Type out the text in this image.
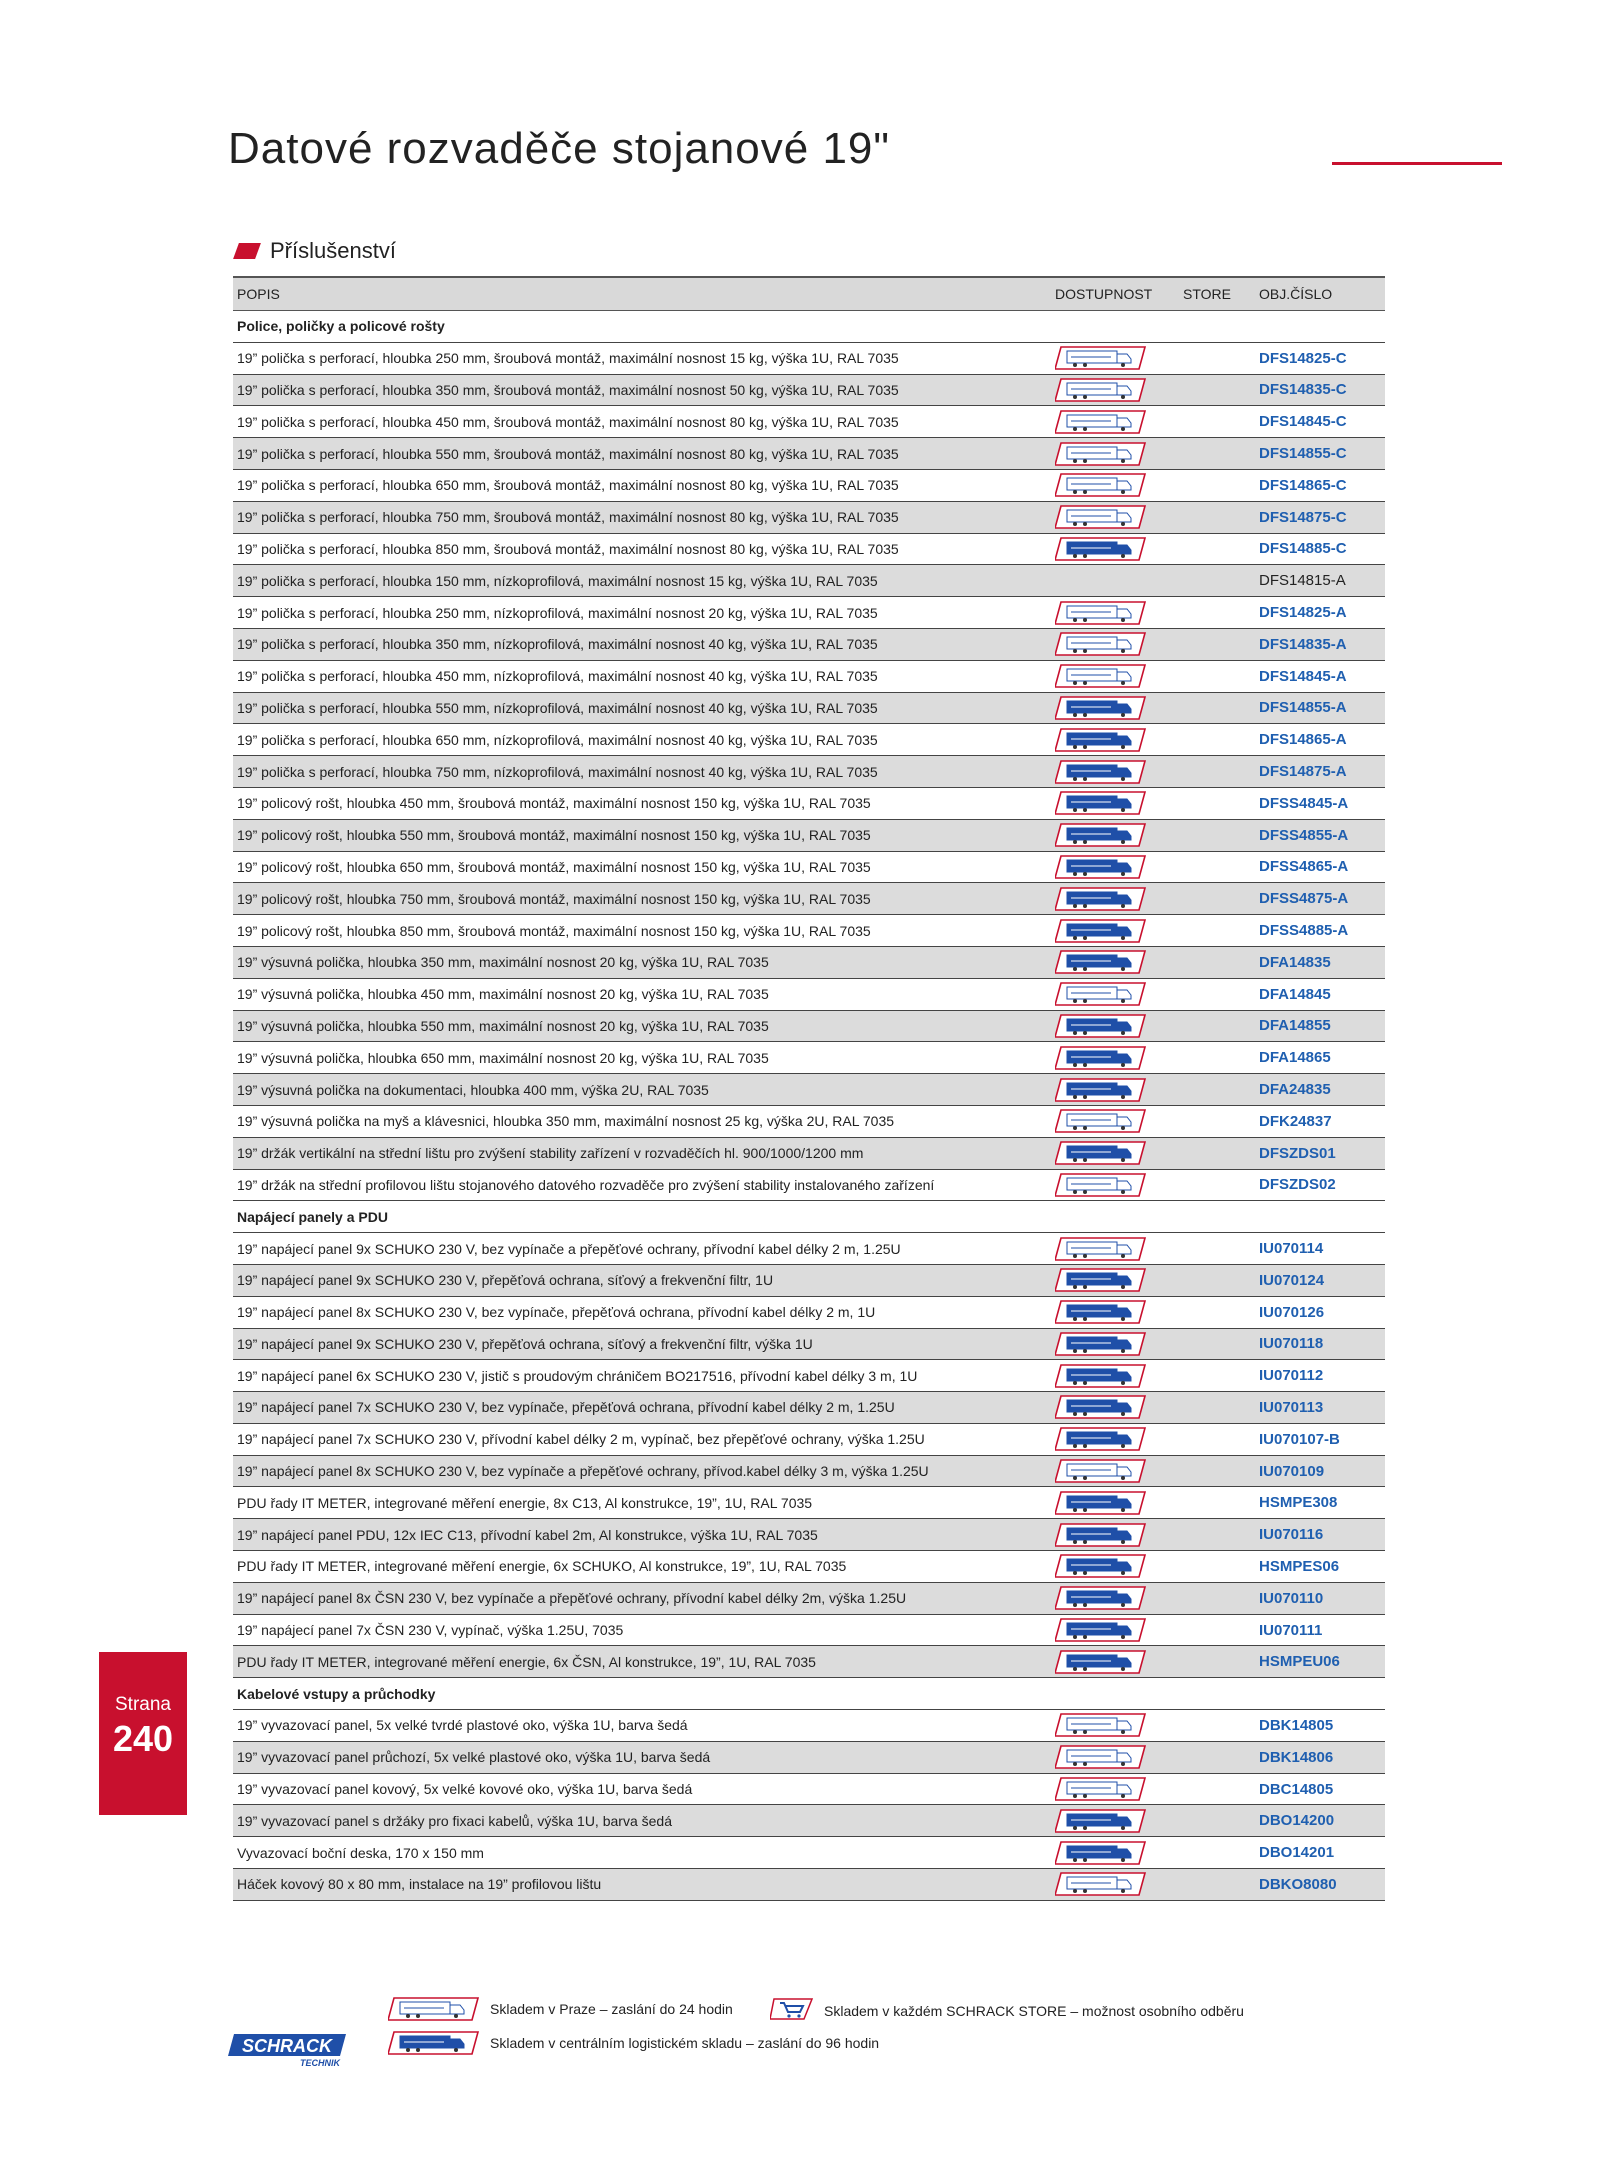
Datové rozvaděče stojanové 19"
Příslušenství
POPIS	DOSTUPNOST	STORE	OBJ.ČÍSLO
Police, poličky a policové rošty			
19” polička s perforací, hloubka 250 mm, šroubová montáž, maximální nosnost 15 kg, výška 1U, RAL 7035			DFS14825-C
19” polička s perforací, hloubka 350 mm, šroubová montáž, maximální nosnost 50 kg, výška 1U, RAL 7035			DFS14835-C
19” polička s perforací, hloubka 450 mm, šroubová montáž, maximální nosnost 80 kg, výška 1U, RAL 7035			DFS14845-C
19” polička s perforací, hloubka 550 mm, šroubová montáž, maximální nosnost 80 kg, výška 1U, RAL 7035			DFS14855-C
19” polička s perforací, hloubka 650 mm, šroubová montáž, maximální nosnost 80 kg, výška 1U, RAL 7035			DFS14865-C
19” polička s perforací, hloubka 750 mm, šroubová montáž, maximální nosnost 80 kg, výška 1U, RAL 7035			DFS14875-C
19” polička s perforací, hloubka 850 mm, šroubová montáž, maximální nosnost 80 kg, výška 1U, RAL 7035			DFS14885-C
19” polička s perforací, hloubka 150 mm, nízkoprofilová, maximální nosnost 15 kg, výška 1U, RAL 7035			DFS14815-A
19” polička s perforací, hloubka 250 mm, nízkoprofilová, maximální nosnost 20 kg, výška 1U, RAL 7035			DFS14825-A
19” polička s perforací, hloubka 350 mm, nízkoprofilová, maximální nosnost 40 kg, výška 1U, RAL 7035			DFS14835-A
19” polička s perforací, hloubka 450 mm, nízkoprofilová, maximální nosnost 40 kg, výška 1U, RAL 7035			DFS14845-A
19” polička s perforací, hloubka 550 mm, nízkoprofilová, maximální nosnost 40 kg, výška 1U, RAL 7035			DFS14855-A
19” polička s perforací, hloubka 650 mm, nízkoprofilová, maximální nosnost 40 kg, výška 1U, RAL 7035			DFS14865-A
19” polička s perforací, hloubka 750 mm, nízkoprofilová, maximální nosnost 40 kg, výška 1U, RAL 7035			DFS14875-A
19” policový rošt, hloubka 450 mm, šroubová montáž, maximální nosnost 150 kg, výška 1U, RAL 7035			DFSS4845-A
19” policový rošt, hloubka 550 mm, šroubová montáž, maximální nosnost 150 kg, výška 1U, RAL 7035			DFSS4855-A
19” policový rošt, hloubka 650 mm, šroubová montáž, maximální nosnost 150 kg, výška 1U, RAL 7035			DFSS4865-A
19” policový rošt, hloubka 750 mm, šroubová montáž, maximální nosnost 150 kg, výška 1U, RAL 7035			DFSS4875-A
19” policový rošt, hloubka 850 mm, šroubová montáž, maximální nosnost 150 kg, výška 1U, RAL 7035			DFSS4885-A
19” výsuvná polička, hloubka 350 mm, maximální nosnost 20 kg, výška 1U, RAL 7035			DFA14835
19” výsuvná polička, hloubka 450 mm, maximální nosnost 20 kg, výška 1U, RAL 7035			DFA14845
19” výsuvná polička, hloubka 550 mm, maximální nosnost 20 kg, výška 1U, RAL 7035			DFA14855
19” výsuvná polička, hloubka 650 mm, maximální nosnost 20 kg, výška 1U, RAL 7035			DFA14865
19” výsuvná polička na dokumentaci, hloubka 400 mm, výška 2U, RAL 7035			DFA24835
19” výsuvná polička na myš a klávesnici, hloubka 350 mm, maximální nosnost 25 kg, výška 2U, RAL 7035			DFK24837
19” držák vertikální na střední lištu pro zvýšení stability zařízení v rozvaděčích hl. 900/1000/1200 mm			DFSZDS01
19” držák na střední profilovou lištu stojanového datového rozvaděče pro zvýšení stability instalovaného zařízení			DFSZDS02
Napájecí panely a PDU			
19” napájecí panel 9x SCHUKO 230 V, bez vypínače a přepěťové ochrany, přívodní kabel délky 2 m, 1.25U			IU070114
19” napájecí panel 9x SCHUKO 230 V, přepěťová ochrana, síťový a frekvenční filtr, 1U			IU070124
19” napájecí panel 8x SCHUKO 230 V, bez vypínače, přepěťová ochrana, přívodní kabel délky 2 m, 1U			IU070126
19” napájecí panel 9x SCHUKO 230 V, přepěťová ochrana, síťový a frekvenční filtr, výška 1U			IU070118
19” napájecí panel 6x SCHUKO 230 V, jistič s proudovým chráničem BO217516, přívodní kabel délky 3 m, 1U			IU070112
19” napájecí panel 7x SCHUKO 230 V, bez vypínače, přepěťová ochrana, přívodní kabel délky 2 m, 1.25U			IU070113
19” napájecí panel 7x SCHUKO 230 V, přívodní kabel délky 2 m, vypínač, bez přepěťové ochrany, výška 1.25U			IU070107-B
19” napájecí panel 8x SCHUKO 230 V, bez vypínače a přepěťové ochrany, přívod.kabel délky 3 m, výška 1.25U			IU070109
PDU řady IT METER, integrované měření energie, 8x C13, Al konstrukce, 19”, 1U, RAL 7035			HSMPE308
19” napájecí panel PDU, 12x IEC C13, přívodní kabel 2m, Al konstrukce, výška 1U, RAL 7035			IU070116
PDU řady IT METER, integrované měření energie, 6x SCHUKO, Al konstrukce, 19”, 1U, RAL 7035			HSMPES06
19” napájecí panel 8x ČSN 230 V, bez vypínače a přepěťové ochrany, přívodní kabel délky 2m, výška 1.25U			IU070110
19” napájecí panel 7x ČSN 230 V, vypínač, výška 1.25U, 7035			IU070111
PDU řady IT METER, integrované měření energie, 6x ČSN, Al konstrukce, 19”, 1U, RAL 7035			HSMPEU06
Kabelové vstupy a průchodky			
19” vyvazovací panel, 5x velké tvrdé plastové oko, výška 1U, barva šedá			DBK14805
19” vyvazovací panel průchozí, 5x velké plastové oko, výška 1U, barva šedá			DBK14806
19” vyvazovací panel kovový, 5x velké kovové oko, výška 1U, barva šedá			DBC14805
19” vyvazovací panel s držáky pro fixaci kabelů, výška 1U, barva šedá			DBO14200
Vyvazovací boční deska, 170 x 150 mm			DBO14201
Háček kovový 80 x 80 mm, instalace na 19” profilovou lištu			DBKO8080
Strana
240
SCHRACK
TECHNIK
Skladem v Praze – zaslání do 24 hodin	Skladem v každém SCHRACK STORE – možnost osobního odběru
Skladem v centrálním logistickém skladu – zaslání do 96 hodin
